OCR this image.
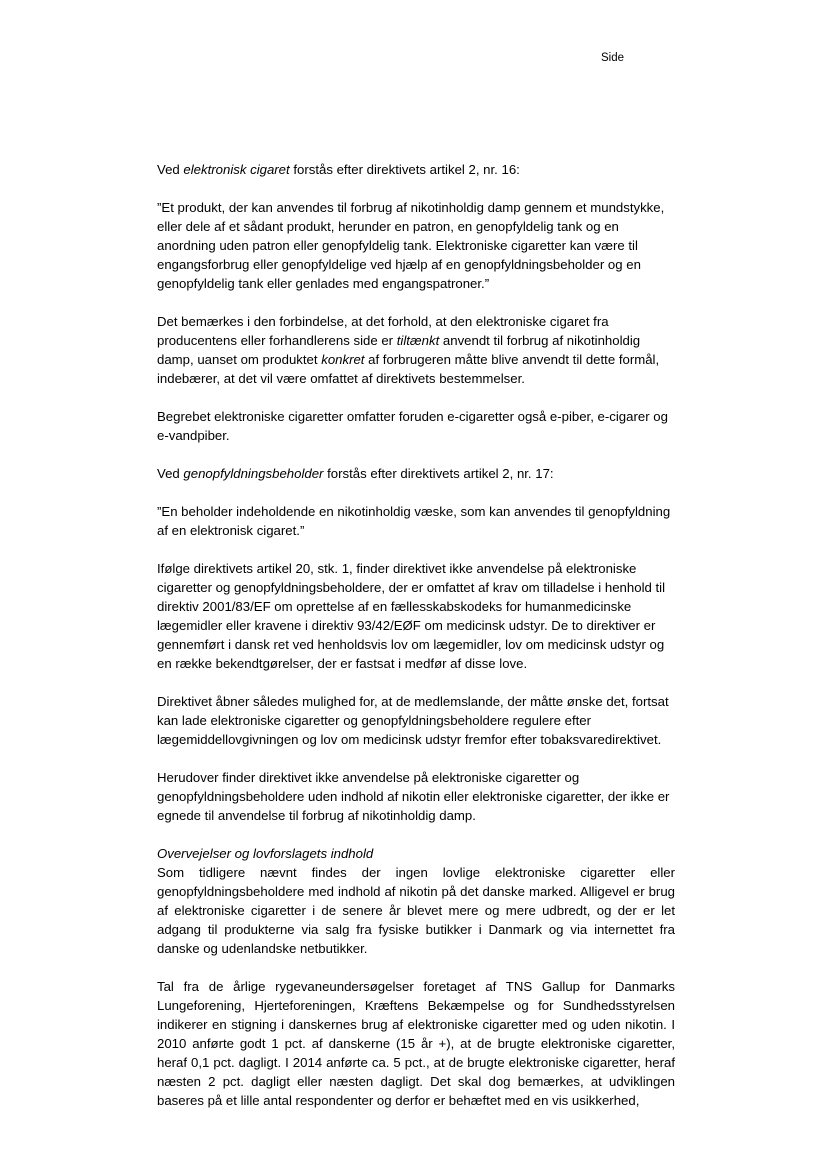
Side

Ved elektronisk cigaret forstås efter direktivets artikel 2, nr. 16:

”Et produkt, der kan anvendes til forbrug af nikotinholdig damp gennem et mundstykke, eller dele af et sådant produkt, herunder en patron, en genopfyldelig tank og en anordning uden patron eller genopfyldelig tank. Elektroniske cigaretter kan være til engangsforbrug eller genopfyldelige ved hjælp af en genopfyldningsbeholder og en genopfyldelig tank eller genlades med engangspatroner.”

Det bemærkes i den forbindelse, at det forhold, at den elektroniske cigaret fra producentens eller forhandlerens side er tiltænkt anvendt til forbrug af nikotinholdig damp, uanset om produktet konkret af forbrugeren måtte blive anvendt til dette formål, indebærer, at det vil være omfattet af direktivets bestemmelser.

Begrebet elektroniske cigaretter omfatter foruden e-cigaretter også e-piber, e-cigarer og e-vandpiber.

Ved genopfyldningsbeholder forstås efter direktivets artikel 2, nr. 17:

”En beholder indeholdende en nikotinholdig væske, som kan anvendes til genopfyldning af en elektronisk cigaret.”

Ifølge direktivets artikel 20, stk. 1, finder direktivet ikke anvendelse på elektroniske cigaretter og genopfyldningsbeholdere, der er omfattet af krav om tilladelse i henhold til direktiv 2001/83/EF om oprettelse af en fællesskabskodeks for humanmedicinske lægemidler eller kravene i direktiv 93/42/EØF om medicinsk udstyr. De to direktiver er gennemført i dansk ret ved henholdsvis lov om lægemidler, lov om medicinsk udstyr og en række bekendtgørelser, der er fastsat i medfør af disse love.

Direktivet åbner således mulighed for, at de medlemslande, der måtte ønske det, fortsat kan lade elektroniske cigaretter og genopfyldningsbeholdere regulere efter lægemiddellovgivningen og lov om medicinsk udstyr fremfor efter tobaksvaredirektivet.

Herudover finder direktivet ikke anvendelse på elektroniske cigaretter og genopfyldningsbeholdere uden indhold af nikotin eller elektroniske cigaretter, der ikke er egnede til anvendelse til forbrug af nikotinholdig damp.

Overvejelser og lovforslagets indhold

Som tidligere nævnt findes der ingen lovlige elektroniske cigaretter eller genopfyldningsbeholdere med indhold af nikotin på det danske marked. Alligevel er brug af elektroniske cigaretter i de senere år blevet mere og mere udbredt, og der er let adgang til produkterne via salg fra fysiske butikker i Danmark og via internettet fra danske og udenlandske netbutikker.

Tal fra de årlige rygevaneundersøgelser foretaget af TNS Gallup for Danmarks Lungeforening, Hjerteforeningen, Kræftens Bekæmpelse og for Sundhedsstyrelsen indikerer en stigning i danskernes brug af elektroniske cigaretter med og uden nikotin. I 2010 anførte godt 1 pct. af danskerne (15 år +), at de brugte elektroniske cigaretter, heraf 0,1 pct. dagligt. I 2014 anførte ca. 5 pct., at de brugte elektroniske cigaretter, heraf næsten 2 pct. dagligt eller næsten dagligt. Det skal dog bemærkes, at udviklingen baseres på et lille antal respondenter og derfor er behæftet med en vis usikkerhed,
